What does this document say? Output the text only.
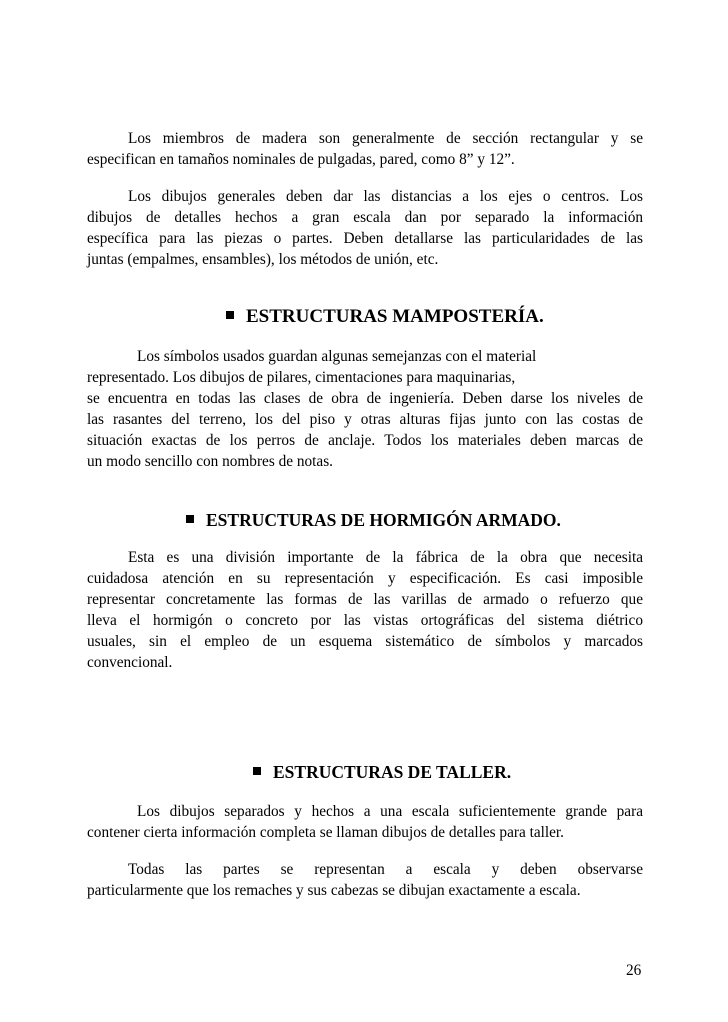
Los miembros de madera son generalmente de sección rectangular y se
especifican en tamaños nominales de pulgadas, pared, como 8” y 12”.

Los dibujos generales deben dar las distancias a los ejes o centros. Los
dibujos de detalles hechos a gran escala dan por separado la información
específica para las piezas o partes. Deben detallarse las particularidades de las
juntas (empalmes, ensambles), los métodos de unión, etc.

ESTRUCTURAS MAMPOSTERÍA.

Los símbolos usados guardan algunas semejanzas con el material
representado. Los dibujos de pilares, cimentaciones para maquinarias,
se encuentra en todas las clases de obra de ingeniería. Deben darse los niveles de
las rasantes del terreno, los del piso y otras alturas fijas junto con las costas de
situación exactas de los perros de anclaje. Todos los materiales deben marcas de
un modo sencillo con nombres de notas.

ESTRUCTURAS DE HORMIGÓN ARMADO.

Esta es una división importante de la fábrica de la obra que necesita
cuidadosa atención en su representación y especificación. Es casi imposible
representar concretamente las formas de las varillas de armado o refuerzo que
lleva el hormigón o concreto por las vistas ortográficas del sistema diétrico
usuales, sin el empleo de un esquema sistemático de símbolos y marcados
convencional.

ESTRUCTURAS DE TALLER.

Los dibujos separados y hechos a una escala suficientemente grande para
contener cierta información completa se llaman dibujos de detalles para taller.

Todas las partes se representan a escala y deben observarse
particularmente que los remaches y sus cabezas se dibujan exactamente a escala.

26
